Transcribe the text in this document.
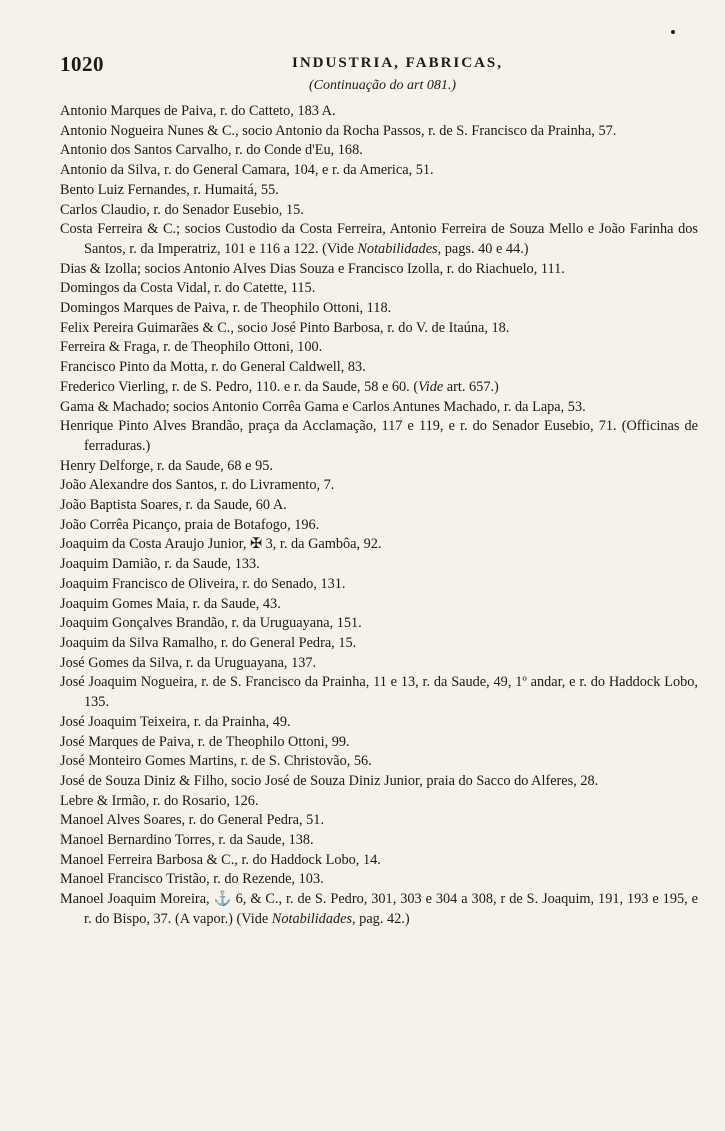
1020	INDUSTRIA, FABRICAS,
(Continuação do art 081.)
Antonio Marques de Paiva, r. do Catteto, 183 A.
Antonio Nogueira Nunes & C., socio Antonio da Rocha Passos, r. de S. Francisco da Prainha, 57.
Antonio dos Santos Carvalho, r. do Conde d'Eu, 168.
Antonio da Silva, r. do General Camara, 104, e r. da America, 51.
Bento Luiz Fernandes, r. Humaitá, 55.
Carlos Claudio, r. do Senador Eusebio, 15.
Costa Ferreira & C.; socios Custodio da Costa Ferreira, Antonio Ferreira de Souza Mello e João Farinha dos Santos, r. da Imperatriz, 101 e 116 a 122. (Vide Notabilidades, pags. 40 e 44.)
Dias & Izolla; socios Antonio Alves Dias Souza e Francisco Izolla, r. do Riachuelo, 111.
Domingos da Costa Vidal, r. do Catette, 115.
Domingos Marques de Paiva, r. de Theophilo Ottoni, 118.
Felix Pereira Guimarães & C., socio José Pinto Barbosa, r. do V. de Itaúna, 18.
Ferreira & Fraga, r. de Theophilo Ottoni, 100.
Francisco Pinto da Motta, r. do General Caldwell, 83.
Frederico Vierling, r. de S. Pedro, 110. e r. da Saude, 58 e 60. (Vide art. 657.)
Gama & Machado; socios Antonio Corrêa Gama e Carlos Antunes Machado, r. da Lapa, 53.
Henrique Pinto Alves Brandão, praça da Acclamação, 117 e 119, e r. do Senador Eusebio, 71. (Officinas de ferraduras.)
Henry Delforge, r. da Saude, 68 e 95.
João Alexandre dos Santos, r. do Livramento, 7.
João Baptista Soares, r. da Saude, 60 A.
João Corrêa Picanço, praia de Botafogo, 196.
Joaquim da Costa Araujo Junior, ✠ 3, r. da Gambôa, 92.
Joaquim Damião, r. da Saude, 133.
Joaquim Francisco de Oliveira, r. do Senado, 131.
Joaquim Gomes Maia, r. da Saude, 43.
Joaquim Gonçalves Brandão, r. da Uruguayana, 151.
Joaquim da Silva Ramalho, r. do General Pedra, 15.
José Gomes da Silva, r. da Uruguayana, 137.
José Joaquim Nogueira, r. de S. Francisco da Prainha, 11 e 13, r. da Saude, 49, 1º andar, e r. do Haddock Lobo, 135.
José Joaquim Teixeira, r. da Prainha, 49.
José Marques de Paiva, r. de Theophilo Ottoni, 99.
José Monteiro Gomes Martins, r. de S. Christovão, 56.
José de Souza Diniz & Filho, socio José de Souza Diniz Junior, praia do Sacco do Alferes, 28.
Lebre & Irmão, r. do Rosario, 126.
Manoel Alves Soares, r. do General Pedra, 51.
Manoel Bernardino Torres, r. da Saude, 138.
Manoel Ferreira Barbosa & C., r. do Haddock Lobo, 14.
Manoel Francisco Tristão, r. do Rezende, 103.
Manoel Joaquim Moreira, ⚓ 6, & C., r. de S. Pedro, 301, 303 e 304 a 308, r de S. Joaquim, 191, 193 e 195, e r. do Bispo, 37. (A vapor.) (Vide Notabilidades, pag. 42.)
